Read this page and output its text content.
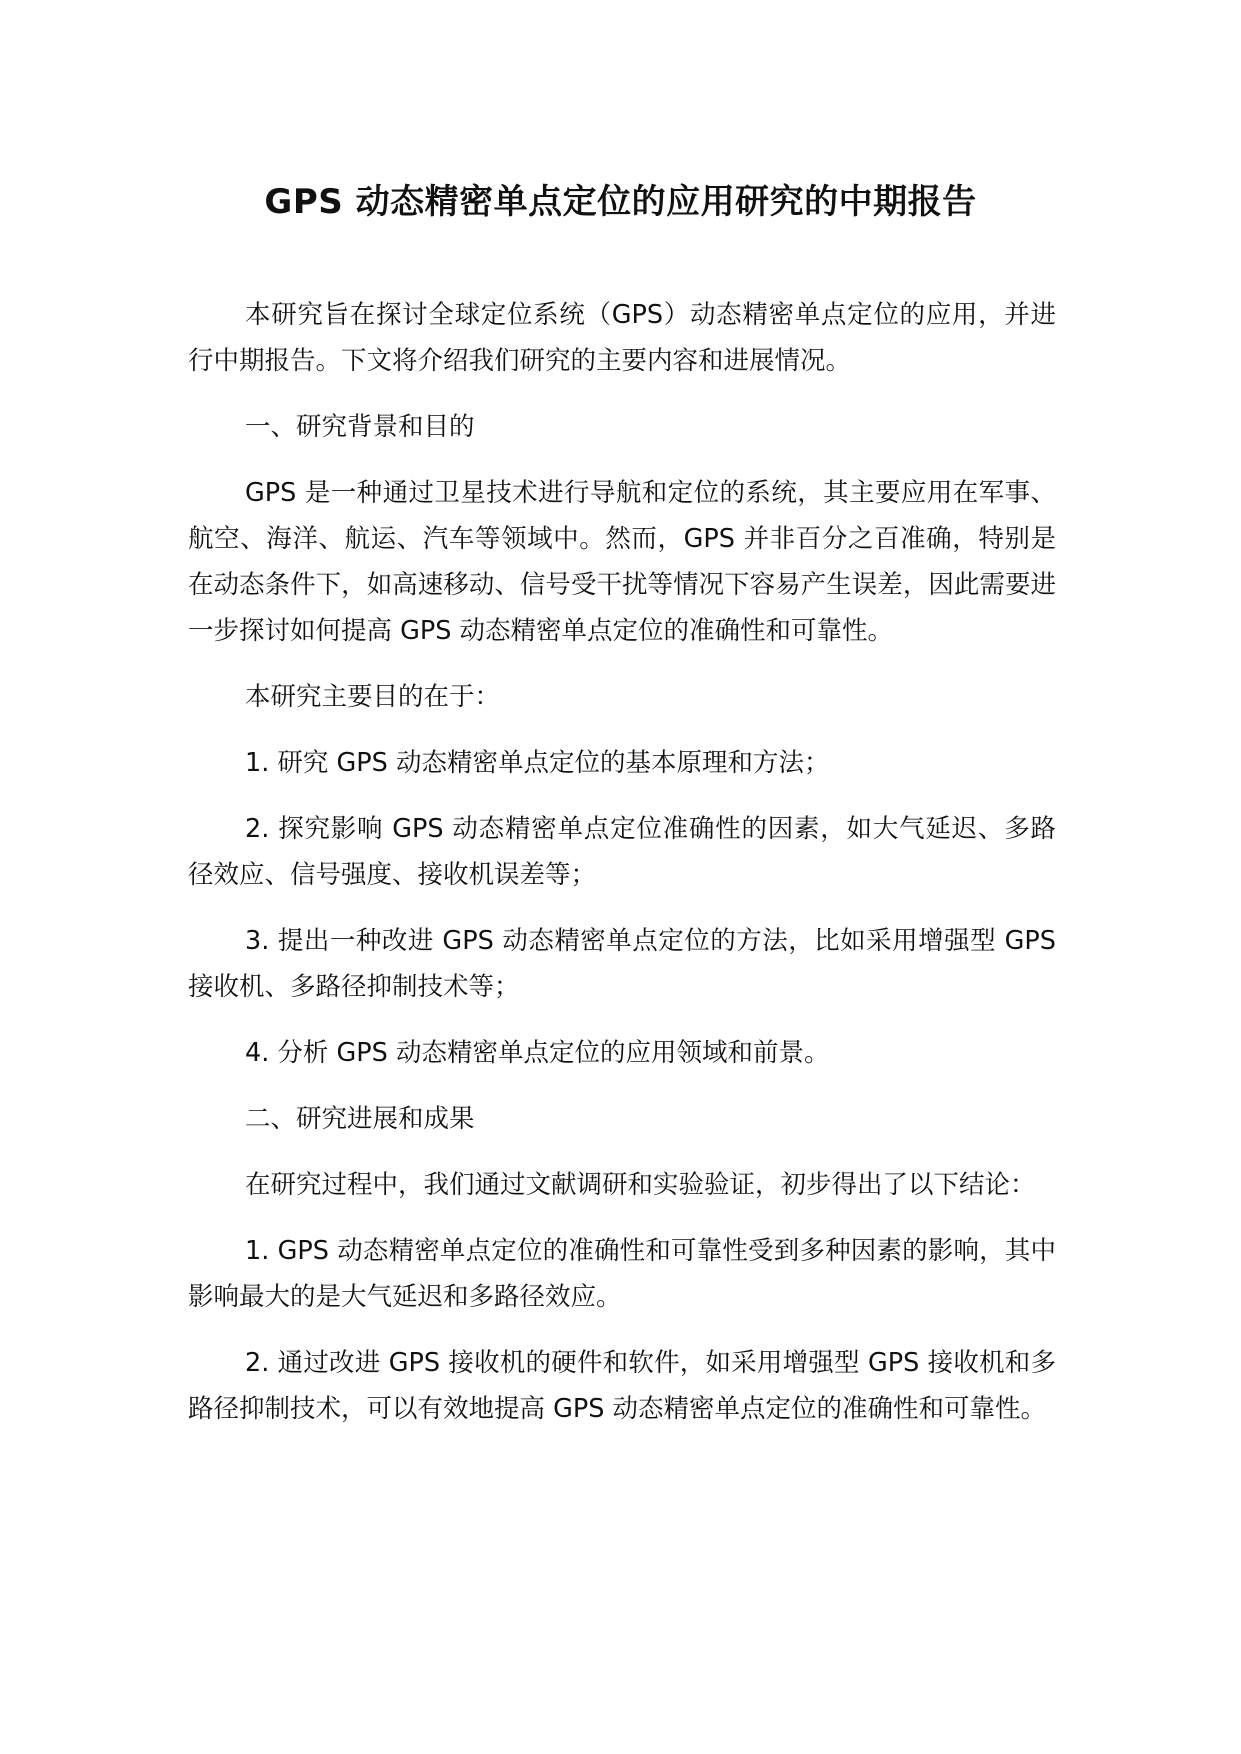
GPS 动态精密单点定位的应用研究的中期报告

本研究旨在探讨全球定位系统（GPS）动态精密单点定位的应用，并进行中期报告。下文将介绍我们研究的主要内容和进展情况。

一、研究背景和目的

GPS 是一种通过卫星技术进行导航和定位的系统，其主要应用在军事、航空、海洋、航运、汽车等领域中。然而，GPS 并非百分之百准确，特别是在动态条件下，如高速移动、信号受干扰等情况下容易产生误差，因此需要进一步探讨如何提高 GPS 动态精密单点定位的准确性和可靠性。

本研究主要目的在于：

1. 研究 GPS 动态精密单点定位的基本原理和方法；

2. 探究影响 GPS 动态精密单点定位准确性的因素，如大气延迟、多路径效应、信号强度、接收机误差等；

3. 提出一种改进 GPS 动态精密单点定位的方法，比如采用增强型 GPS 接收机、多路径抑制技术等；

4. 分析 GPS 动态精密单点定位的应用领域和前景。

二、研究进展和成果

在研究过程中，我们通过文献调研和实验验证，初步得出了以下结论：

1. GPS 动态精密单点定位的准确性和可靠性受到多种因素的影响，其中影响最大的是大气延迟和多路径效应。

2. 通过改进 GPS 接收机的硬件和软件，如采用增强型 GPS 接收机和多路径抑制技术，可以有效地提高 GPS 动态精密单点定位的准确性和可靠性。
